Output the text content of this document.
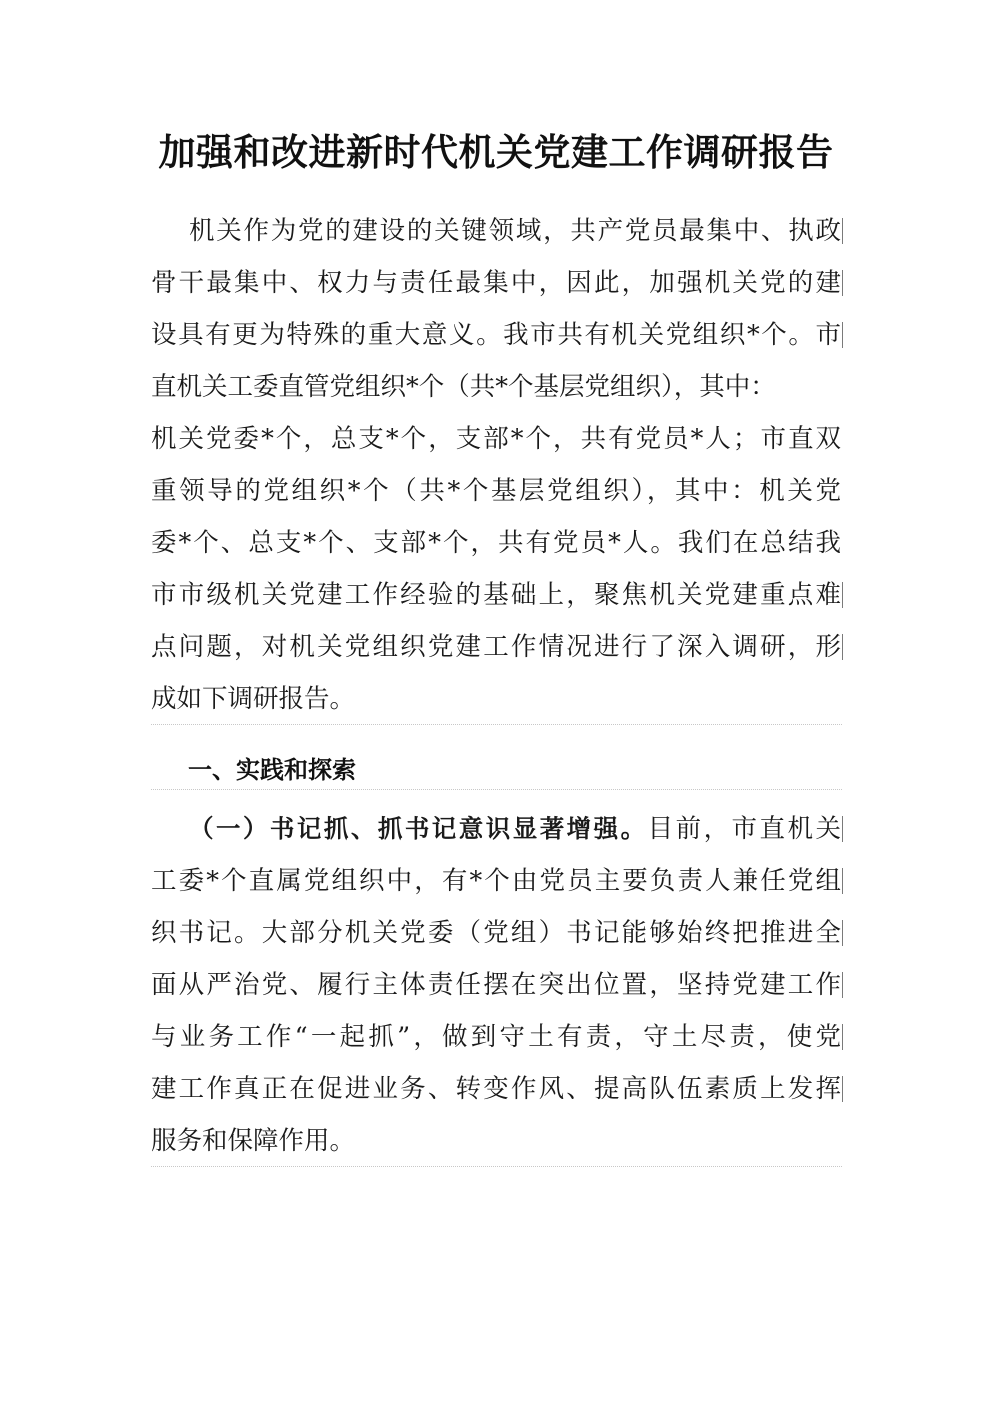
加强和改进新时代机关党建工作调研报告
机关作为党的建设的关键领域，共产党员最集中、执政
骨干最集中、权力与责任最集中，因此，加强机关党的建
设具有更为特殊的重大意义。我市共有机关党组织*个。市
直机关工委直管党组织*个（共*个基层党组织），其中：
机关党委*个，总支*个，支部*个，共有党员*人；市直双
重领导的党组织*个（共*个基层党组织），其中：机关党
委*个、总支*个、支部*个，共有党员*人。我们在总结我
市市级机关党建工作经验的基础上，聚焦机关党建重点难
点问题，对机关党组织党建工作情况进行了深入调研，形
成如下调研报告。
一、实践和探索
（一）书记抓、抓书记意识显著增强。目前，市直机关
工委*个直属党组织中，有*个由党员主要负责人兼任党组
织书记。大部分机关党委（党组）书记能够始终把推进全
面从严治党、履行主体责任摆在突出位置，坚持党建工作
与业务工作“一起抓”，做到守土有责，守土尽责，使党
建工作真正在促进业务、转变作风、提高队伍素质上发挥
服务和保障作用。
